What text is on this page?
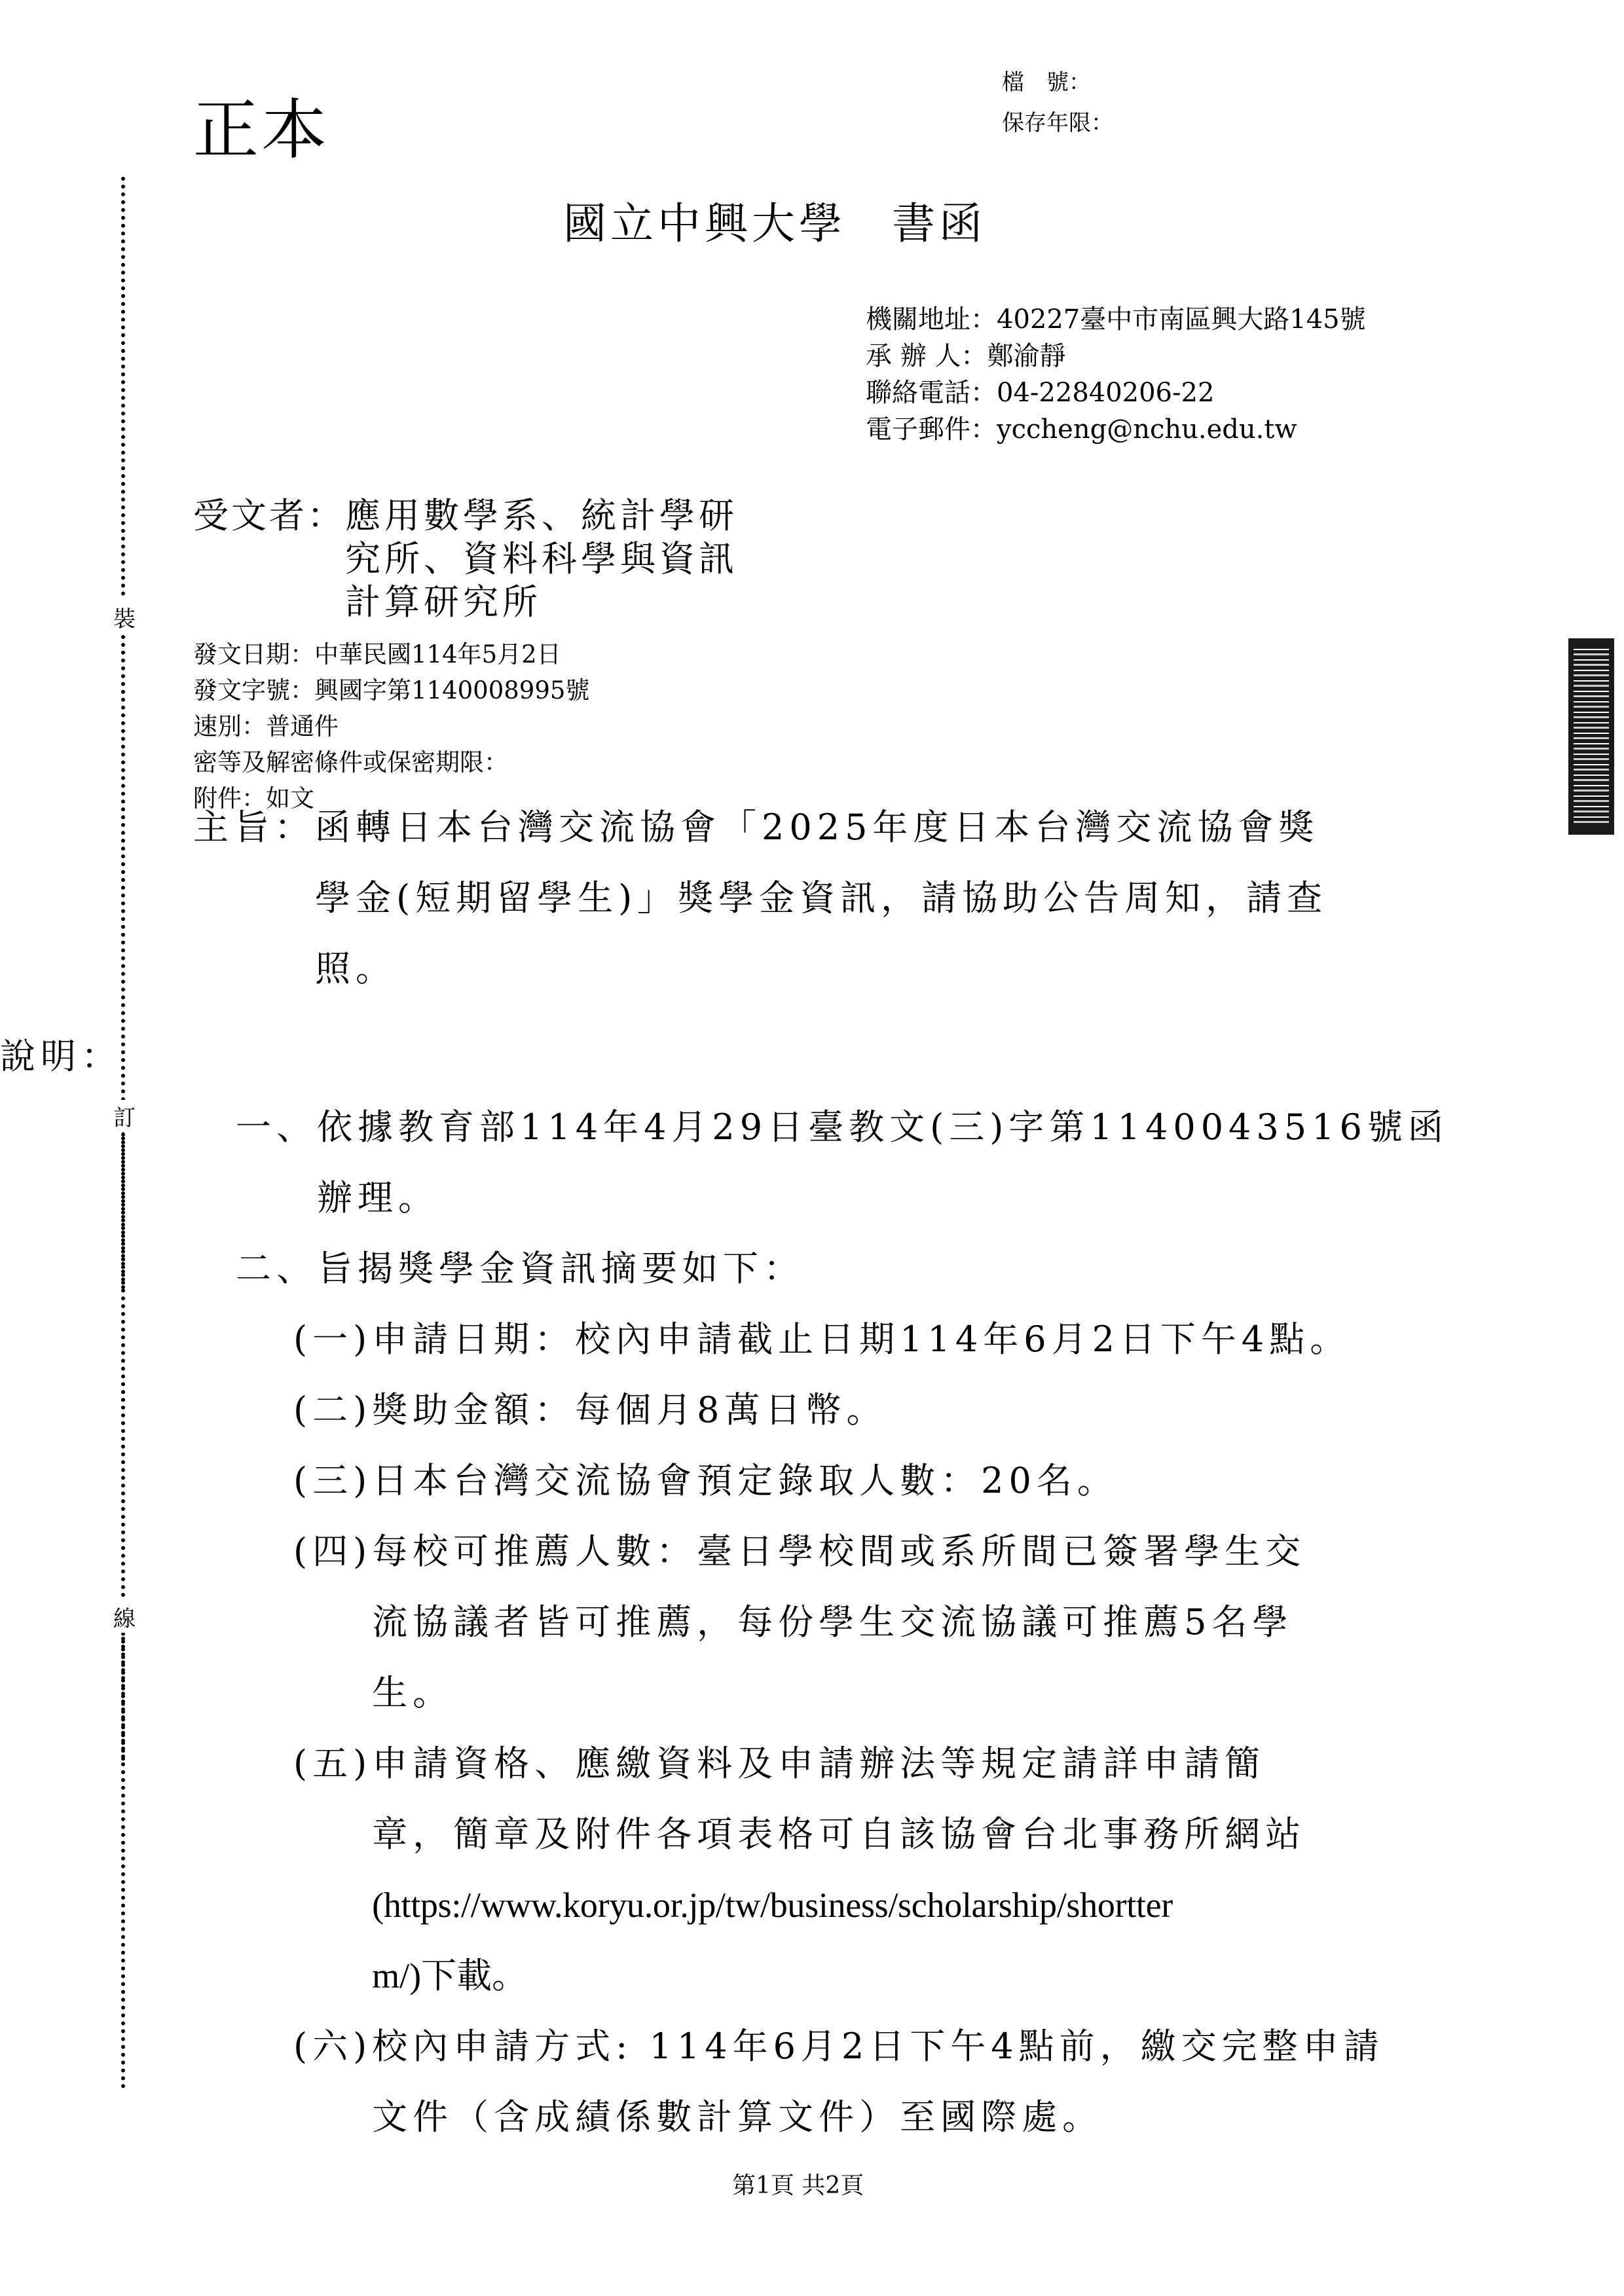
正本
檔　號：
保存年限：
裝
訂
線
國立中興大學 書函
機關地址：40227臺中市南區興大路145號
承 辦 人：鄭渝靜
聯絡電話：04-22840206-22
電子郵件：yccheng@nchu.edu.tw
受文者： 應用數學系、統計學研
究所、資料科學與資訊
計算研究所
發文日期：中華民國114年5月2日
發文字號：興國字第1140008995號
速別：普通件
密等及解密條件或保密期限：
附件：如文
主旨： 函轉日本台灣交流協會「2025年度日本台灣交流協會獎
學金(短期留學生)」獎學金資訊，請協助公告周知，請查
照。
說明：
一、 依據教育部114年4月29日臺教文(三)字第1140043516號函
辦理。
二、 旨揭獎學金資訊摘要如下：
(一) 申請日期：校內申請截止日期114年6月2日下午4點。
(二) 獎助金額：每個月8萬日幣。
(三) 日本台灣交流協會預定錄取人數：20名。
(四) 每校可推薦人數：臺日學校間或系所間已簽署學生交
流協議者皆可推薦，每份學生交流協議可推薦5名學
生。
(五) 申請資格、應繳資料及申請辦法等規定請詳申請簡
章，簡章及附件各項表格可自該協會台北事務所網站
(https://www.koryu.or.jp/tw/business/scholarship/shortter
m/)下載。
(六) 校內申請方式: 114年6月2日下午4點前，繳交完整申請
文件（含成績係數計算文件）至國際處。
第1頁 共2頁
